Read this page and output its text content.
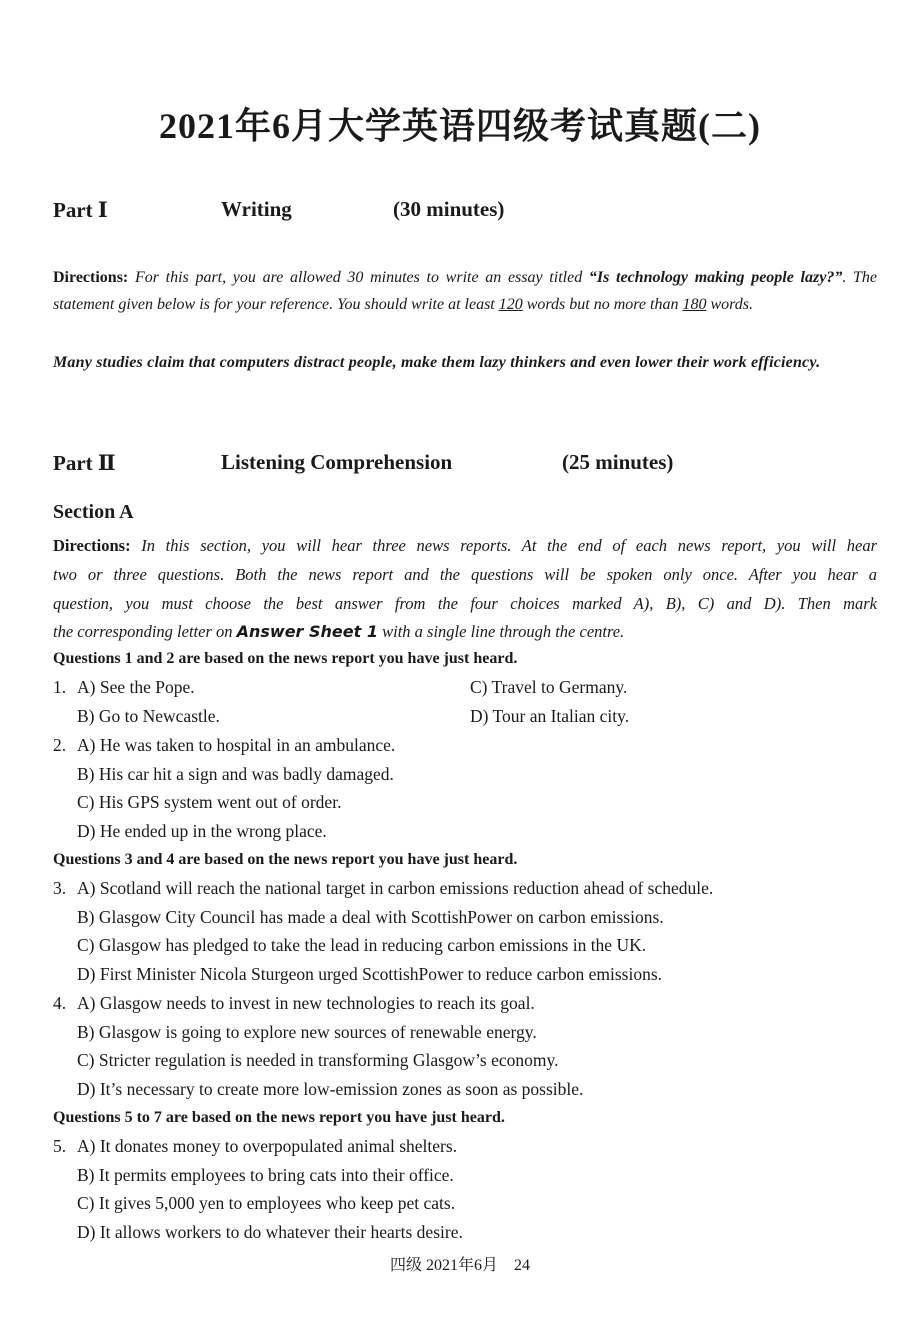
2021年6月大学英语四级考试真题(二)
Part Ⅰ	Writing	(30 minutes)
Directions: For this part, you are allowed 30 minutes to write an essay titled “Is technology making people lazy?”. The statement given below is for your reference. You should write at least 120 words but no more than 180 words.
Many studies claim that computers distract people, make them lazy thinkers and even lower their work efficiency.
Part Ⅱ	Listening Comprehension	(25 minutes)
Section A
Directions: In this section, you will hear three news reports. At the end of each news report, you will hear
two or three questions. Both the news report and the questions will be spoken only once. After you hear a
question, you must choose the best answer from the four choices marked A), B), C) and D). Then mark
the corresponding letter on Answer Sheet 1 with a single line through the centre.
Questions 1 and 2 are based on the news report you have just heard.
1. A) See the Pope.	C) Travel to Germany.
B) Go to Newcastle.	D) Tour an Italian city.
2. A) He was taken to hospital in an ambulance.
B) His car hit a sign and was badly damaged.
C) His GPS system went out of order.
D) He ended up in the wrong place.
Questions 3 and 4 are based on the news report you have just heard.
3. A) Scotland will reach the national target in carbon emissions reduction ahead of schedule.
B) Glasgow City Council has made a deal with ScottishPower on carbon emissions.
C) Glasgow has pledged to take the lead in reducing carbon emissions in the UK.
D) First Minister Nicola Sturgeon urged ScottishPower to reduce carbon emissions.
4. A) Glasgow needs to invest in new technologies to reach its goal.
B) Glasgow is going to explore new sources of renewable energy.
C) Stricter regulation is needed in transforming Glasgow’s economy.
D) It’s necessary to create more low-emission zones as soon as possible.
Questions 5 to 7 are based on the news report you have just heard.
5. A) It donates money to overpopulated animal shelters.
B) It permits employees to bring cats into their office.
C) It gives 5,000 yen to employees who keep pet cats.
D) It allows workers to do whatever their hearts desire.
四级 2021年6月 24
